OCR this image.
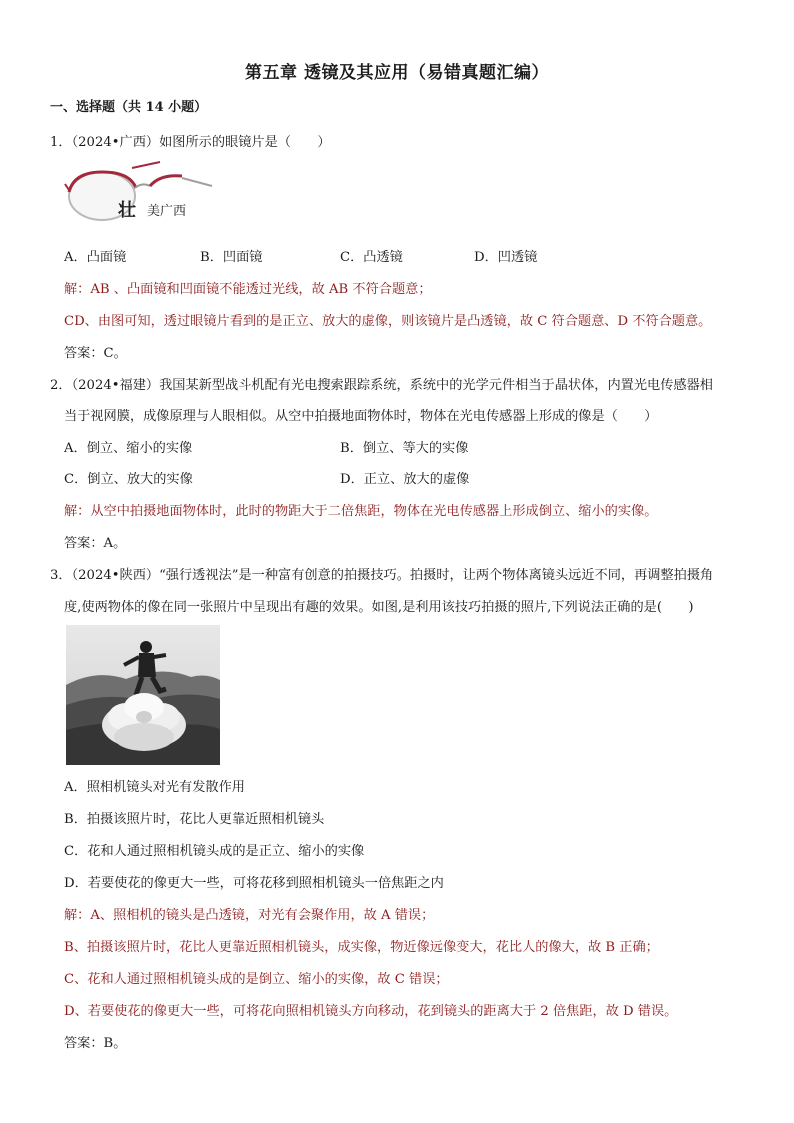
第五章 透镜及其应用（易错真题汇编）
一、选择题（共 14 小题）
1．（2024•广西）如图所示的眼镜片是（　　）
壮 美广西
A．凸面镜	B．凹面镜	C．凸透镜	D．凹透镜
解：AB 、凸面镜和凹面镜不能透过光线，故 AB 不符合题意；
CD、由图可知，透过眼镜片看到的是正立、放大的虚像，则该镜片是凸透镜，故 C 符合题意、D 不符合题意。
答案：C。
2．（2024•福建）我国某新型战斗机配有光电搜索跟踪系统，系统中的光学元件相当于晶状体，内置光电传感器相
当于视网膜，成像原理与人眼相似。从空中拍摄地面物体时，物体在光电传感器上形成的像是（　　）
A．倒立、缩小的实像	B．倒立、等大的实像
C．倒立、放大的实像	D．正立、放大的虚像
解：从空中拍摄地面物体时，此时的物距大于二倍焦距，物体在光电传感器上形成倒立、缩小的实像。
答案：A。
3．（2024•陕西）“强行透视法”是一种富有创意的拍摄技巧。拍摄时，让两个物体离镜头远近不同，再调整拍摄角
度,使两物体的像在同一张照片中呈现出有趣的效果。如图,是利用该技巧拍摄的照片,下列说法正确的是(　　)
A．照相机镜头对光有发散作用
B．拍摄该照片时，花比人更靠近照相机镜头
C．花和人通过照相机镜头成的是正立、缩小的实像
D．若要使花的像更大一些，可将花移到照相机镜头一倍焦距之内
解：A、照相机的镜头是凸透镜，对光有会聚作用，故 A 错误；
B、拍摄该照片时，花比人更靠近照相机镜头，成实像，物近像远像变大，花比人的像大，故 B 正确；
C、花和人通过照相机镜头成的是倒立、缩小的实像，故 C 错误；
D、若要使花的像更大一些，可将花向照相机镜头方向移动，花到镜头的距离大于 2 倍焦距，故 D 错误。
答案：B。
